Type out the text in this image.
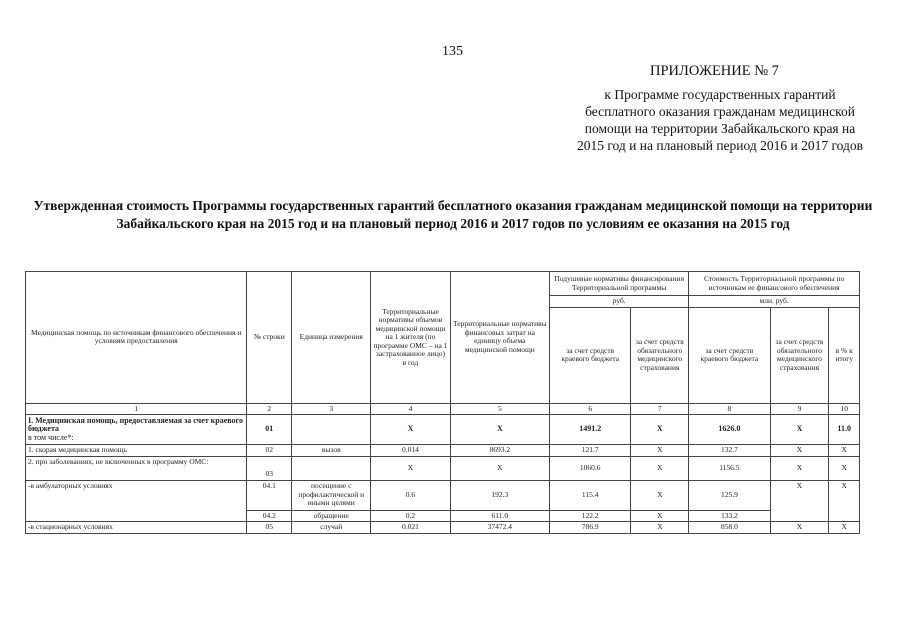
135
ПРИЛОЖЕНИЕ № 7
к Программе государственных гарантий бесплатного оказания гражданам медицинской помощи на территории Забайкальского края на 2015 год и на плановый период 2016 и 2017 годов
Утвержденная стоимость Программы государственных гарантий бесплатного оказания гражданам медицинской помощи на территории Забайкальского края на 2015 год и на плановый период 2016 и 2017 годов по условиям ее оказания на 2015 год
Медицинская помощь по источникам финансового обеспечения и условиям предоставления	№ строки	Единица измерения	Территориальные нормативы объемов медицинской помощи на 1 жителя (по программе ОМС – на 1 застрахованное лицо) в год	Территориальные нормативы финансовых затрат на единицу объема медицинской помощи	Подушевые нормативы финансирования Территориальной программы		Стоимость Территориальной программы по источникам ее финансового обеспечения		
					руб.		млн. руб.		
					за счет средств краевого бюджета	за счет средств обязательного медицинского страхования	за счет средств краевого бюджета	за счет средств обязательного медицинского страхования	в % к итогу
1	2	3	4	5	6	7	8	9	10
I. Медицинская помощь, предоставляемая за счет краевого бюджета
в том числе*:	01		X	X	1491.2	X	1626.0	X	11.0
1. скорая медицинская помощь	02	вызов	0.014	8693.2	121.7	X	132.7	X	X
2. при заболеваниях, не включенных в программу ОМС:	03		X	X	1060.6	X	1156.5	X	X
-в амбулаторных условиях	04.1	посещение с профилактической и иными целями	0.6	192.3	115.4	X	125.9	X	X
	04.2	обращение	0.2	611.0	122.2	X	133.2		
-в стационарных условиях	05	случай	0.021	37472.4	786.9	X	858.0	X	X
